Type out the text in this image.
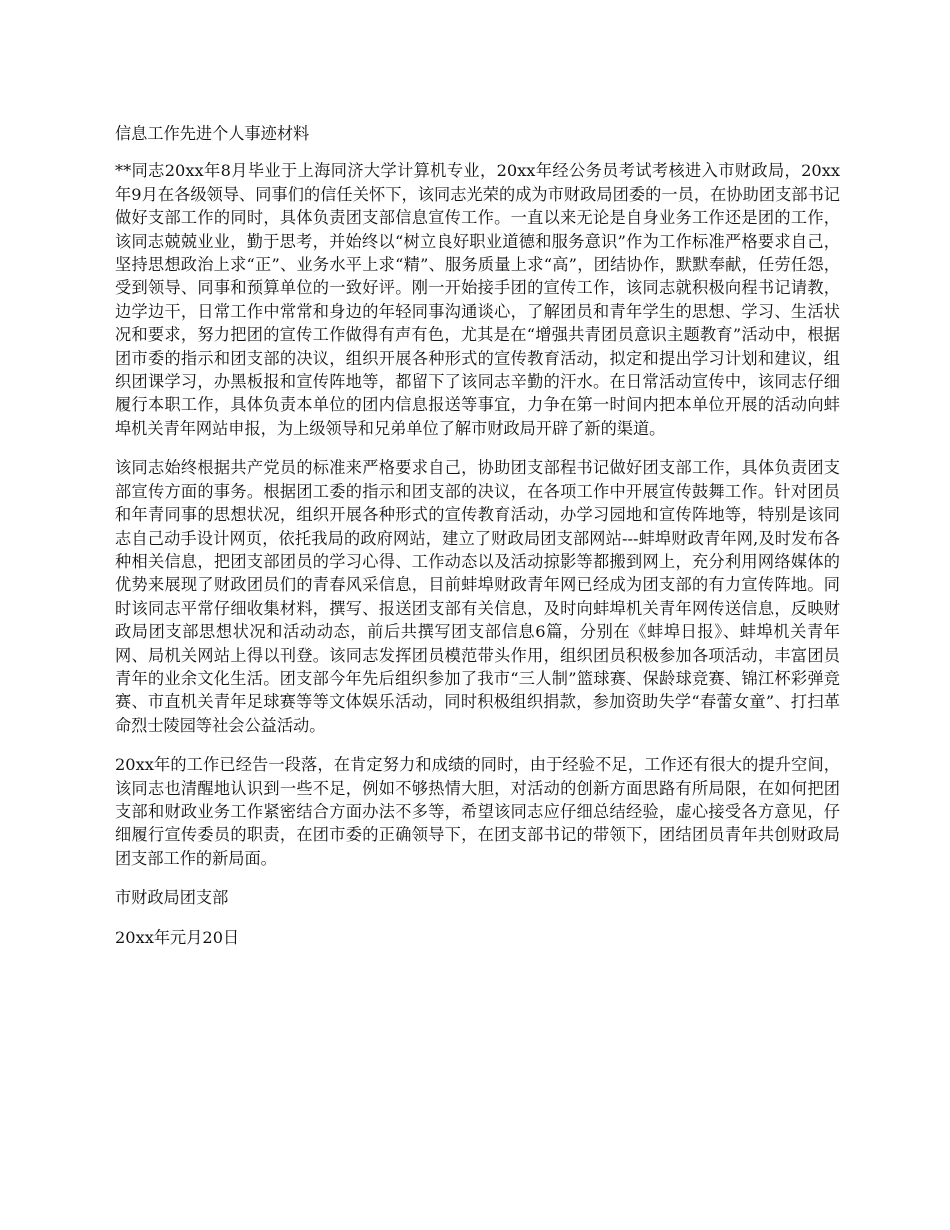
信息工作先进个人事迹材料
**同志20xx年8月毕业于上海同济大学计算机专业，20xx年经公务员考试考核进入市财政局，20xx年9月在各级领导、同事们的信任关怀下，该同志光荣的成为市财政局团委的一员，在协助团支部书记做好支部工作的同时，具体负责团支部信息宣传工作。一直以来无论是自身业务工作还是团的工作，该同志兢兢业业，勤于思考，并始终以“树立良好职业道德和服务意识”作为工作标准严格要求自己，坚持思想政治上求“正”、业务水平上求“精”、服务质量上求“高”，团结协作，默默奉献，任劳任怨，受到领导、同事和预算单位的一致好评。刚一开始接手团的宣传工作，该同志就积极向程书记请教，边学边干，日常工作中常常和身边的年轻同事沟通谈心，了解团员和青年学生的思想、学习、生活状况和要求，努力把团的宣传工作做得有声有色，尤其是在“增强共青团员意识主题教育”活动中，根据团市委的指示和团支部的决议，组织开展各种形式的宣传教育活动，拟定和提出学习计划和建议，组织团课学习，办黑板报和宣传阵地等，都留下了该同志辛勤的汗水。在日常活动宣传中，该同志仔细履行本职工作，具体负责本单位的团内信息报送等事宜，力争在第一时间内把本单位开展的活动向蚌埠机关青年网站申报，为上级领导和兄弟单位了解市财政局开辟了新的渠道。
该同志始终根据共产党员的标准来严格要求自己，协助团支部程书记做好团支部工作，具体负责团支部宣传方面的事务。根据团工委的指示和团支部的决议，在各项工作中开展宣传鼓舞工作。针对团员和年青同事的思想状况，组织开展各种形式的宣传教育活动，办学习园地和宣传阵地等，特别是该同志自己动手设计网页，依托我局的政府网站，建立了财政局团支部网站---蚌埠财政青年网,及时发布各种相关信息，把团支部团员的学习心得、工作动态以及活动掠影等都搬到网上，充分利用网络媒体的优势来展现了财政团员们的青春风采信息，目前蚌埠财政青年网已经成为团支部的有力宣传阵地。同时该同志平常仔细收集材料，撰写、报送团支部有关信息，及时向蚌埠机关青年网传送信息，反映财政局团支部思想状况和活动动态，前后共撰写团支部信息6篇，分别在《蚌埠日报》、蚌埠机关青年网、局机关网站上得以刊登。该同志发挥团员模范带头作用，组织团员积极参加各项活动，丰富团员青年的业余文化生活。团支部今年先后组织参加了我市“三人制”篮球赛、保龄球竞赛、锦江杯彩弹竞赛、市直机关青年足球赛等等文体娱乐活动，同时积极组织捐款，参加资助失学“春蕾女童”、打扫革命烈士陵园等社会公益活动。
20xx年的工作已经告一段落，在肯定努力和成绩的同时，由于经验不足，工作还有很大的提升空间，该同志也清醒地认识到一些不足，例如不够热情大胆，对活动的创新方面思路有所局限，在如何把团支部和财政业务工作紧密结合方面办法不多等，希望该同志应仔细总结经验，虚心接受各方意见，仔细履行宣传委员的职责，在团市委的正确领导下，在团支部书记的带领下，团结团员青年共创财政局团支部工作的新局面。
市财政局团支部
20xx年元月20日
